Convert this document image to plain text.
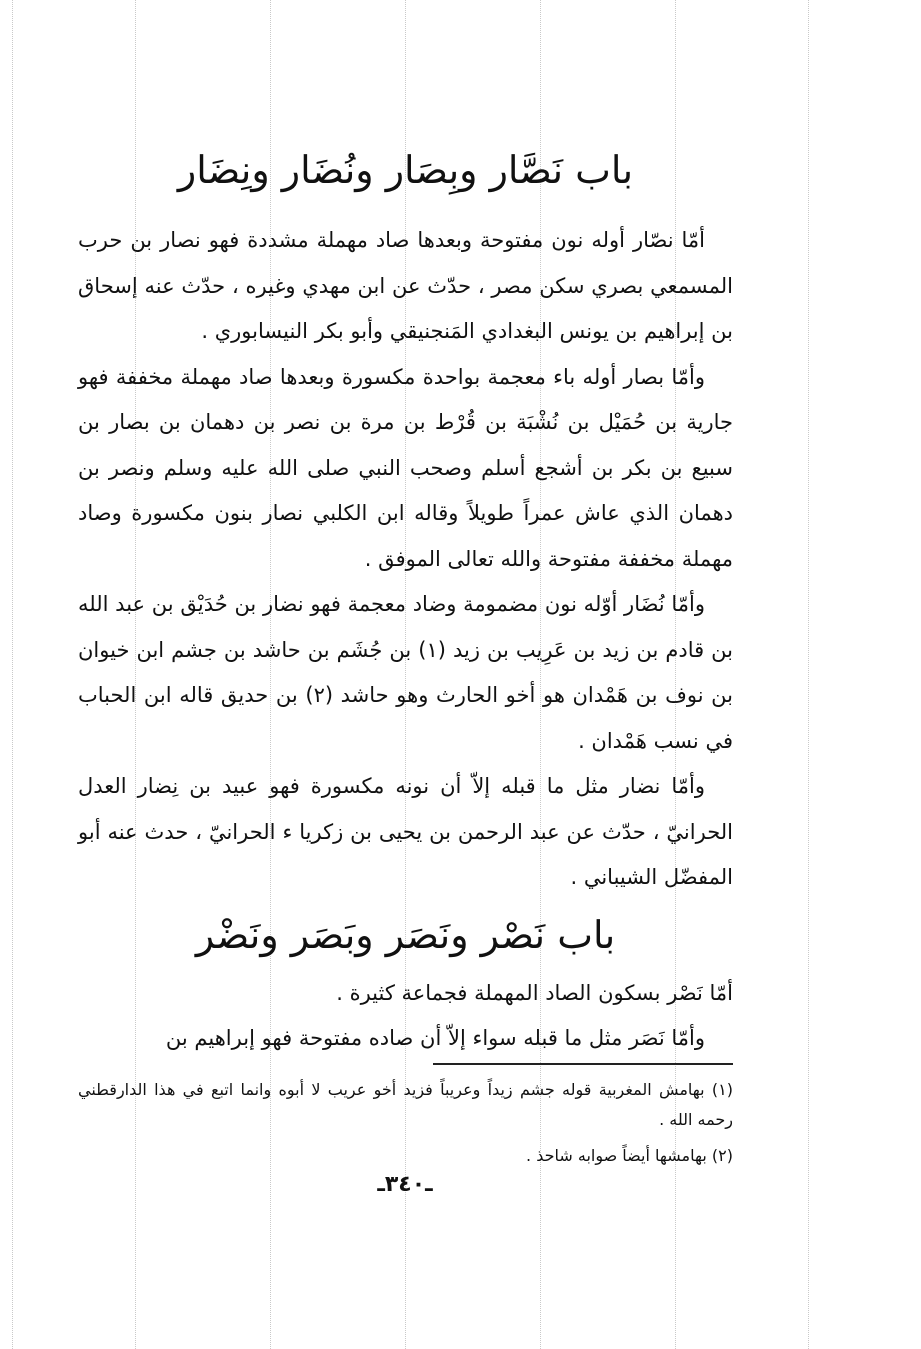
باب نَصَّار وبِصَار ونُضَار ونِضَار

أمّا نصّار أوله نون مفتوحة وبعدها صاد مهملة مشددة فهو نصار بن حرب المسمعي بصري سكن مصر ، حدّث عن ابن مهدي وغيره ، حدّث عنه إسحاق بن إبراهيم بن يونس البغدادي المَنجنيقي وأبو بكر النيسابوري .

وأمّا بصار أوله باء معجمة بواحدة مكسورة وبعدها صاد مهملة مخففة فهو جارية بن حُمَيْل بن نُشْبَة بن قُرْط بن مرة بن نصر بن دهمان بن بصار بن سبيع بن بكر بن أشجع أسلم وصحب النبي صلى الله عليه وسلم ونصر بن دهمان الذي عاش عمراً طويلاً وقاله ابن الكلبي نصار بنون مكسورة وصاد مهملة مخففة مفتوحة والله تعالى الموفق .

وأمّا نُضَار أوّله نون مضمومة وضاد معجمة فهو نضار بن حُدَيْق بن عبد الله بن قادم بن زيد بن عَرِيب بن زيد (١) بن جُشَم بن حاشد بن جشم ابن خيوان بن نوف بن هَمْدان هو أخو الحارث وهو حاشد (٢) بن حديق قاله ابن الحباب في نسب هَمْدان .

وأمّا نضار مثل ما قبله إلاّ أن نونه مكسورة فهو عبيد بن نِضار العدل الحرانيّ ، حدّث عن عبد الرحمن بن يحيى بن زكريا ء الحرانيّ ، حدث عنه أبو المفضّل الشيباني .

باب نَصْر ونَصَر وبَصَر ونَضْر

أمّا نَصْر بسكون الصاد المهملة فجماعة كثيرة .

وأمّا نَصَر مثل ما قبله سواء إلاّ أن صاده مفتوحة فهو إبراهيم بن

(١) بهامش المغربية قوله جشم زيداً وعريباً فزيد أخو عريب لا أبوه وانما اتبع في هذا الدارقطني رحمه الله .

(٢) بهامشها أيضاً صوابه شاحذ .

ـ٣٤٠ـ
